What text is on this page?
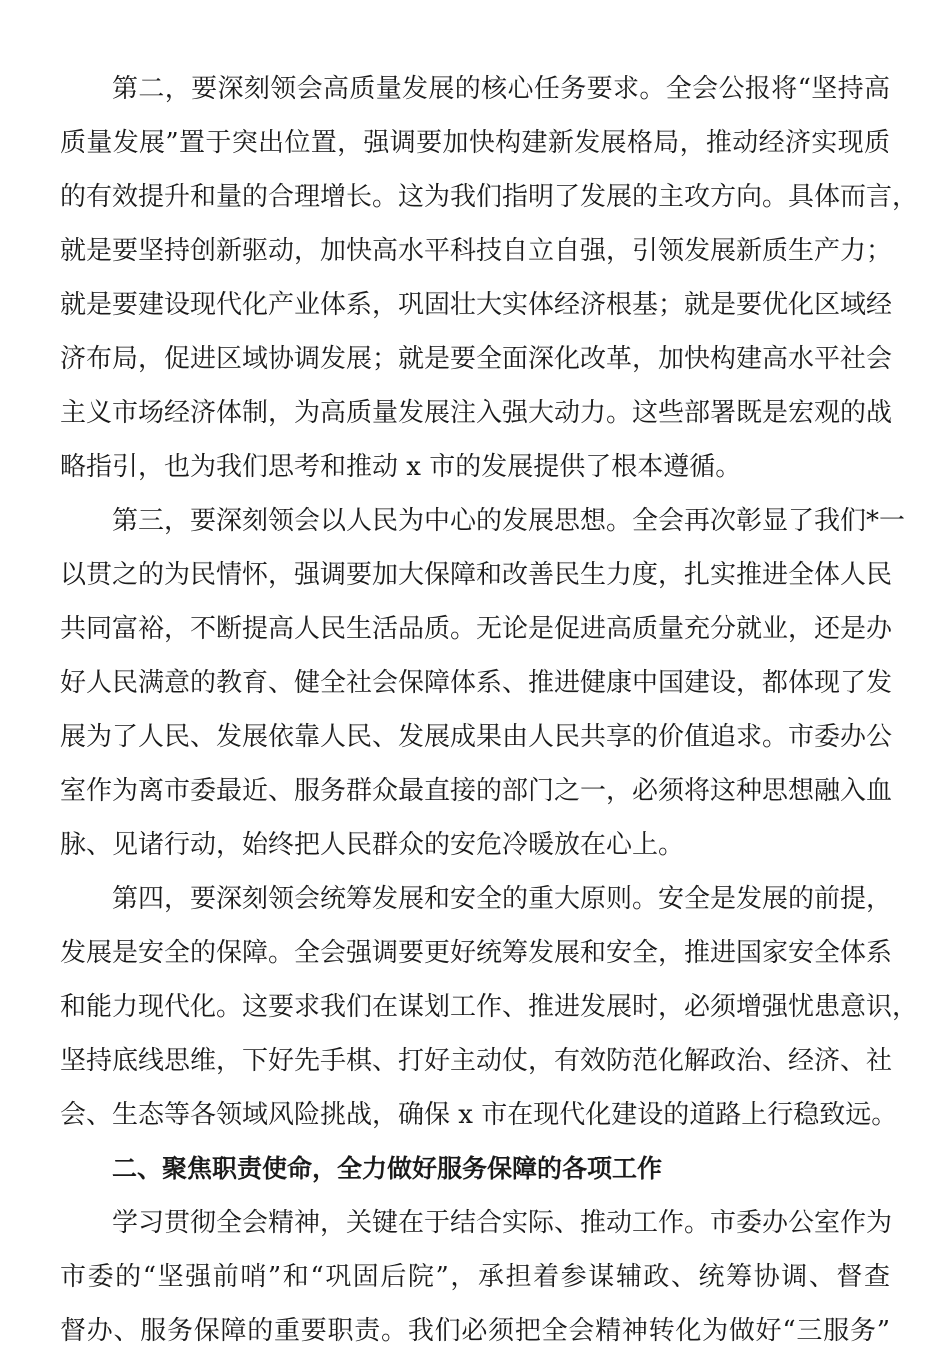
第二，要深刻领会高质量发展的核心任务要求。全会公报将“坚持高
质量发展”置于突出位置，强调要加快构建新发展格局，推动经济实现质
的有效提升和量的合理增长。这为我们指明了发展的主攻方向。具体而言，
就是要坚持创新驱动，加快高水平科技自立自强，引领发展新质生产力；
就是要建设现代化产业体系，巩固壮大实体经济根基；就是要优化区域经
济布局，促进区域协调发展；就是要全面深化改革，加快构建高水平社会
主义市场经济体制，为高质量发展注入强大动力。这些部署既是宏观的战
略指引，也为我们思考和推动 x 市的发展提供了根本遵循。
第三，要深刻领会以人民为中心的发展思想。全会再次彰显了我们*一
以贯之的为民情怀，强调要加大保障和改善民生力度，扎实推进全体人民
共同富裕，不断提高人民生活品质。无论是促进高质量充分就业，还是办
好人民满意的教育、健全社会保障体系、推进健康中国建设，都体现了发
展为了人民、发展依靠人民、发展成果由人民共享的价值追求。市委办公
室作为离市委最近、服务群众最直接的部门之一，必须将这种思想融入血
脉、见诸行动，始终把人民群众的安危冷暖放在心上。
第四，要深刻领会统筹发展和安全的重大原则。安全是发展的前提，
发展是安全的保障。全会强调要更好统筹发展和安全，推进国家安全体系
和能力现代化。这要求我们在谋划工作、推进发展时，必须增强忧患意识，
坚持底线思维，下好先手棋、打好主动仗，有效防范化解政治、经济、社
会、生态等各领域风险挑战，确保 x 市在现代化建设的道路上行稳致远。
二、聚焦职责使命，全力做好服务保障的各项工作
学习贯彻全会精神，关键在于结合实际、推动工作。市委办公室作为
市委的“坚强前哨”和“巩固后院”，承担着参谋辅政、统筹协调、督查
督办、服务保障的重要职责。我们必须把全会精神转化为做好“三服务”
